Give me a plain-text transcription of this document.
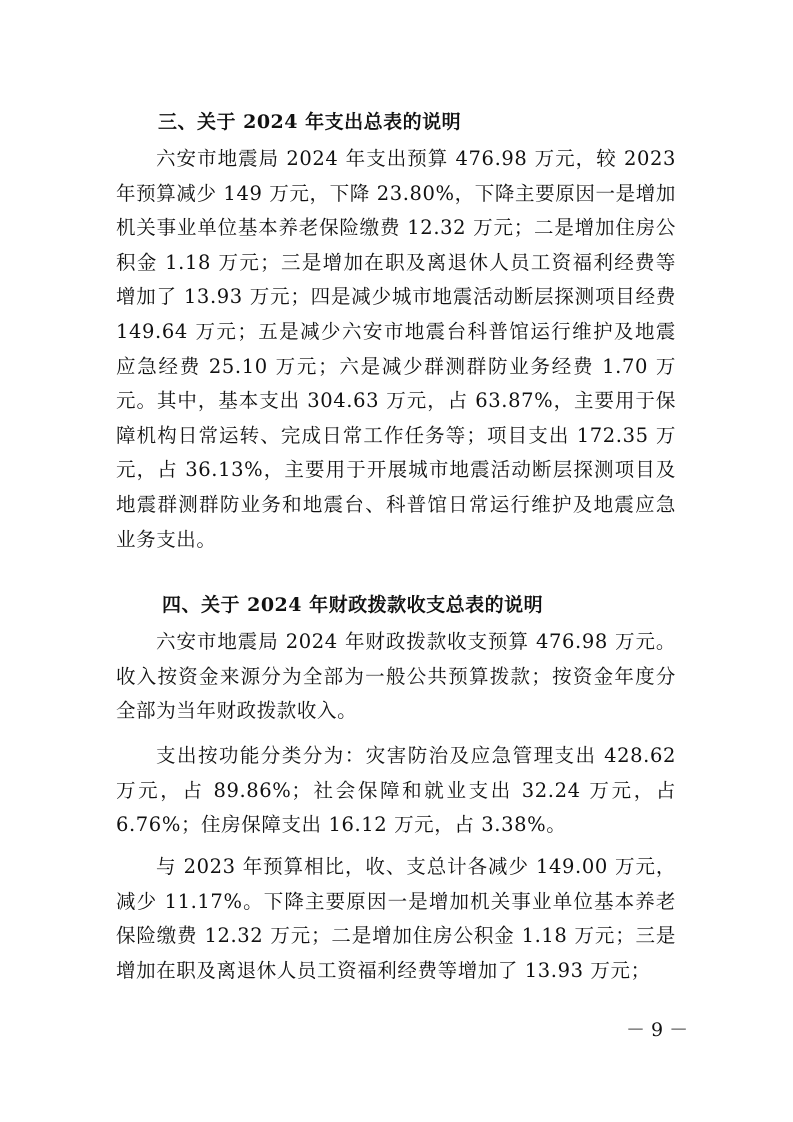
三、关于 2024 年支出总表的说明

六安市地震局 2024 年支出预算 476.98 万元，较 2023 年预算减少 149 万元，下降 23.80%，下降主要原因一是增加机关事业单位基本养老保险缴费 12.32 万元；二是增加住房公积金 1.18 万元；三是增加在职及离退休人员工资福利经费等增加了 13.93 万元；四是减少城市地震活动断层探测项目经费 149.64 万元；五是减少六安市地震台科普馆运行维护及地震应急经费 25.10 万元；六是减少群测群防业务经费 1.70 万元。其中，基本支出 304.63 万元，占 63.87%，主要用于保障机构日常运转、完成日常工作任务等；项目支出 172.35 万元，占 36.13%，主要用于开展城市地震活动断层探测项目及地震群测群防业务和地震台、科普馆日常运行维护及地震应急业务支出。

四、关于 2024 年财政拨款收支总表的说明

六安市地震局 2024 年财政拨款收支预算 476.98 万元。收入按资金来源分为全部为一般公共预算拨款；按资金年度分全部为当年财政拨款收入。

支出按功能分类分为：灾害防治及应急管理支出 428.62 万元，占 89.86%；社会保障和就业支出 32.24 万元，占 6.76%；住房保障支出 16.12 万元，占 3.38%。

与 2023 年预算相比，收、支总计各减少 149.00 万元，减少 11.17%。下降主要原因一是增加机关事业单位基本养老保险缴费 12.32 万元；二是增加住房公积金 1.18 万元；三是增加在职及离退休人员工资福利经费等增加了 13.93 万元；

－ 9 －
